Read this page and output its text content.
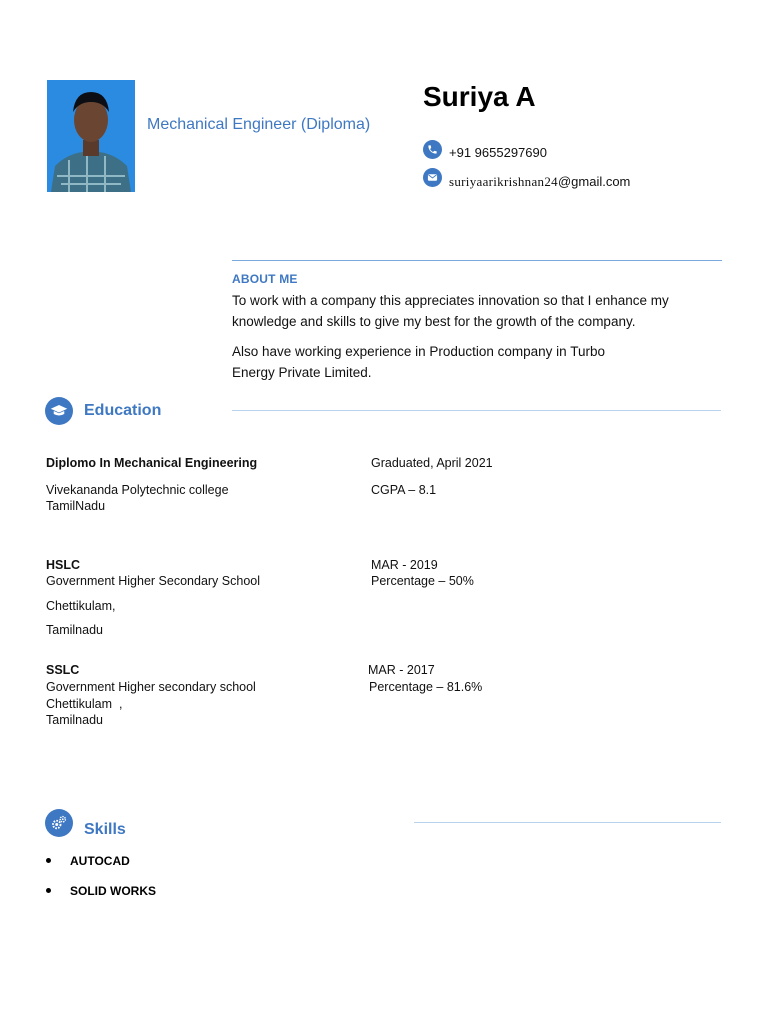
Mechanical Engineer (Diploma)
Suriya A
+91 9655297690
suriyaarikrishnan24@gmail.com
ABOUT ME
To work with a company this appreciates innovation so that I enhance my
knowledge and skills to give my best for the growth of the company.
Also have working experience in Production company in Turbo
Energy Private Limited.
Education
Diplomo In Mechanical Engineering	Graduated, April 2021
Vivekananda Polytechnic college	CGPA – 8.1
TamilNadu
HSLC	MAR - 2019
Government Higher Secondary School	Percentage – 50%
Chettikulam,
Tamilnadu
SSLC	MAR - 2017
Government Higher secondary school	Percentage – 81.6%
Chettikulam  ,
Tamilnadu
Skills
AUTOCAD
SOLID WORKS
